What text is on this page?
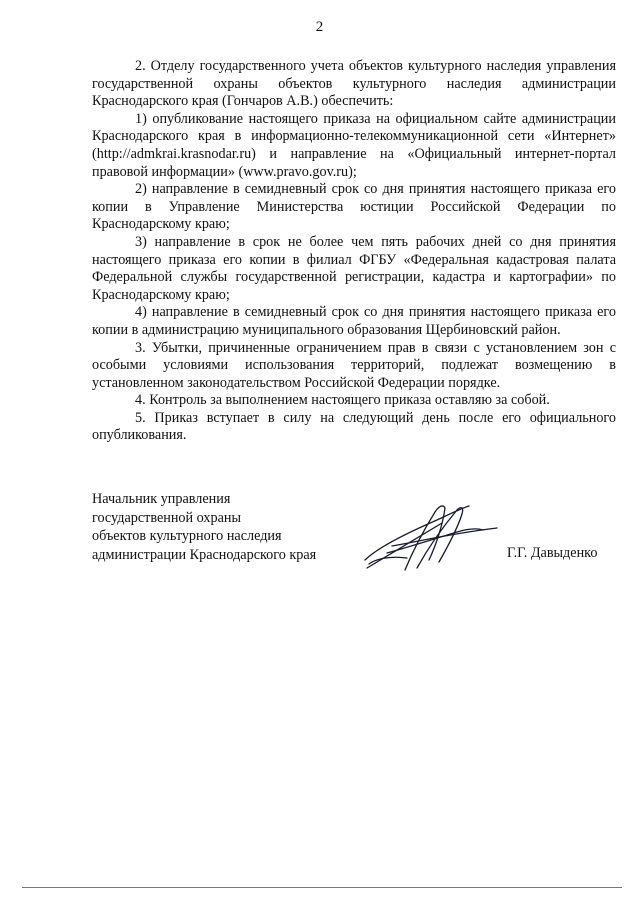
2

2. Отделу государственного учета объектов культурного наследия управления государственной охраны объектов культурного наследия администрации Краснодарского края (Гончаров А.В.) обеспечить:

1) опубликование настоящего приказа на официальном сайте администрации Краснодарского края в информационно-телекоммуникационной сети «Интернет» (http://admkrai.krasnodar.ru) и направление на «Официальный интернет-портал правовой информации» (www.pravo.gov.ru);

2) направление в семидневный срок со дня принятия настоящего приказа его копии в Управление Министерства юстиции Российской Федерации по Краснодарскому краю;

3) направление в срок не более чем пять рабочих дней со дня принятия настоящего приказа его копии в филиал ФГБУ «Федеральная кадастровая палата Федеральной службы государственной регистрации, кадастра и картографии» по Краснодарскому краю;

4) направление в семидневный срок со дня принятия настоящего приказа его копии в администрацию муниципального образования Щербиновский район.

3. Убытки, причиненные ограничением прав в связи с установлением зон с особыми условиями использования территорий, подлежат возмещению в установленном законодательством Российской Федерации порядке.

4. Контроль за выполнением настоящего приказа оставляю за собой.

5. Приказ вступает в силу на следующий день после его официального опубликования.

Начальник управления
государственной охраны
объектов культурного наследия
администрации Краснодарского края	Г.Г. Давыденко
